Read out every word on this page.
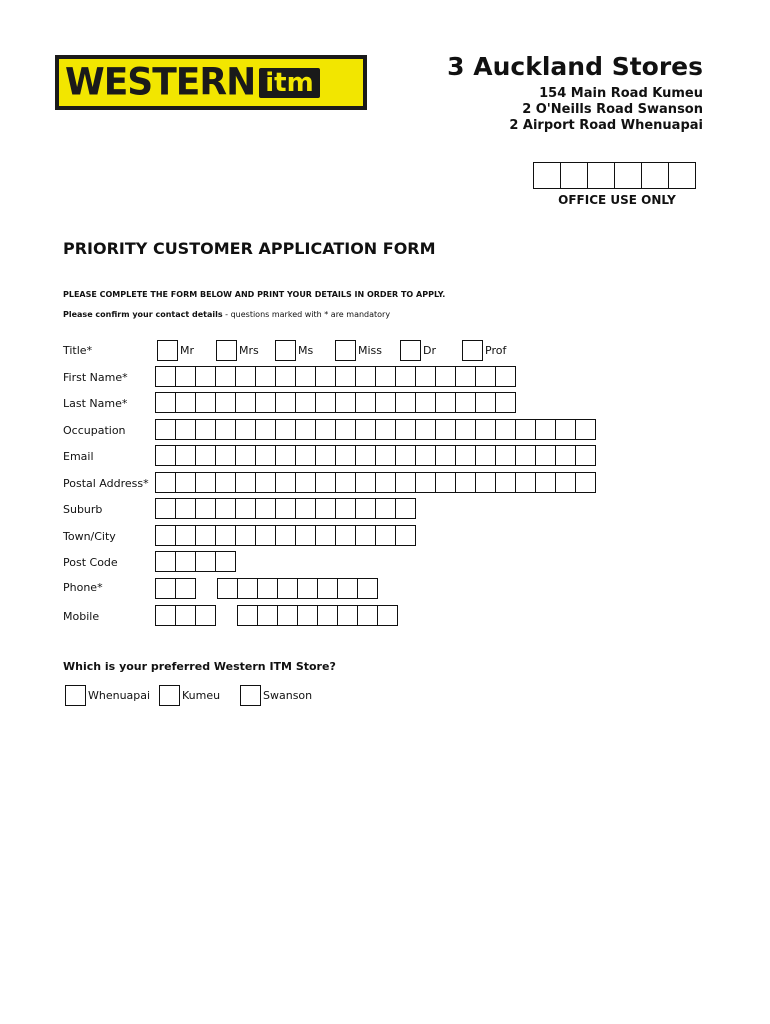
WESTERN itm
3 Auckland Stores
154 Main Road Kumeu
2 O'Neills Road Swanson
2 Airport Road Whenuapai
OFFICE USE ONLY
PRIORITY CUSTOMER APPLICATION FORM
PLEASE COMPLETE THE FORM BELOW AND PRINT YOUR DETAILS IN ORDER TO APPLY.
Please confirm your contact details - questions marked with * are mandatory
Title*	Mr	Mrs	Ms	Miss	Dr	Prof
First Name*
Last Name*
Occupation
Email
Postal Address*
Suburb
Town/City
Post Code
Phone*
Mobile
Which is your preferred Western ITM Store?
Whenuapai	Kumeu	Swanson
